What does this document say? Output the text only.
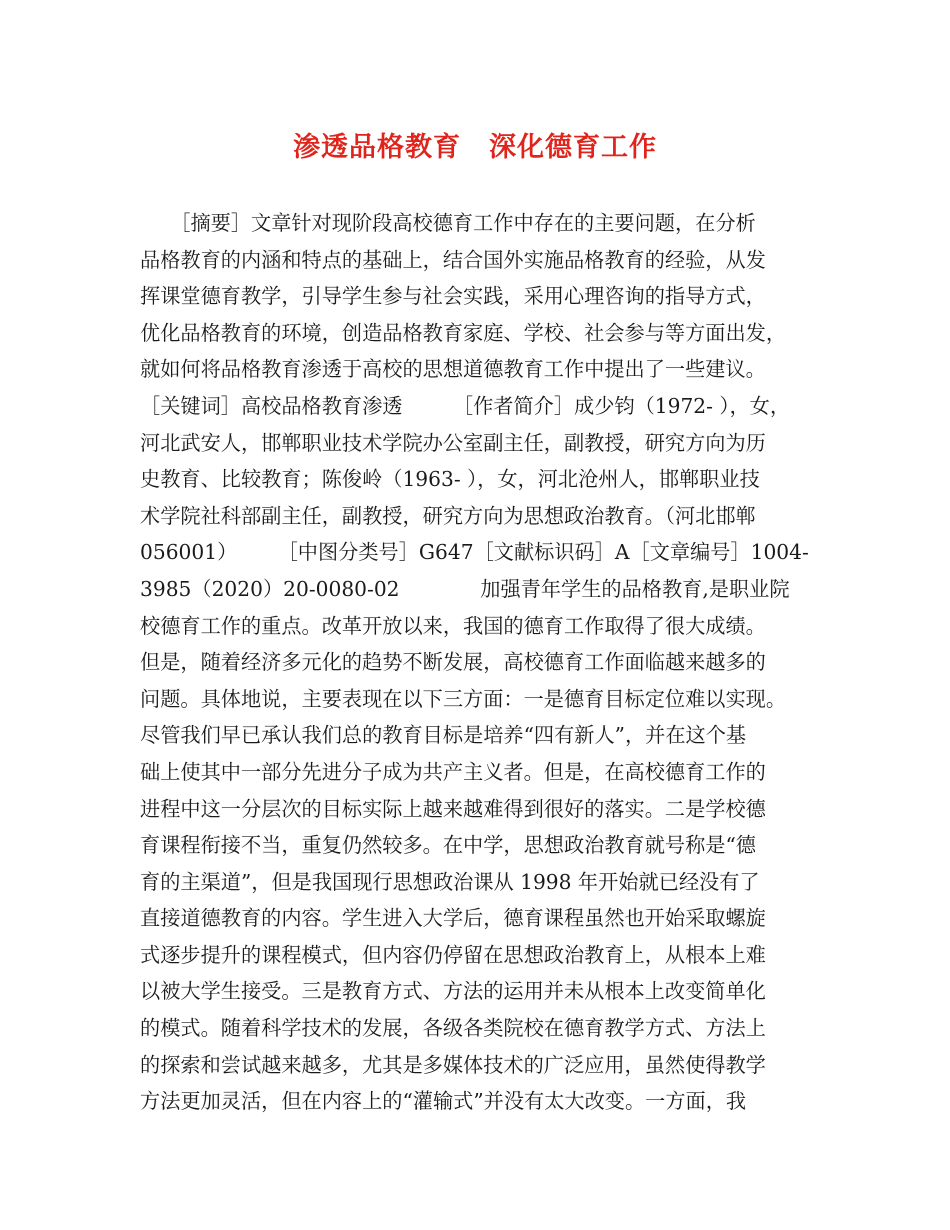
渗透品格教育　深化德育工作
　　［摘要］文章针对现阶段高校德育工作中存在的主要问题，在分析
品格教育的内涵和特点的基础上，结合国外实施品格教育的经验，从发
挥课堂德育教学，引导学生参与社会实践，采用心理咨询的指导方式，
优化品格教育的环境，创造品格教育家庭、学校、社会参与等方面出发，
就如何将品格教育渗透于高校的思想道德教育工作中提出了一些建议。
［关键词］高校品格教育渗透　　　［作者简介］成少钧（1972- ），女，
河北武安人，邯郸职业技术学院办公室副主任，副教授，研究方向为历
史教育、比较教育；陈俊岭（1963- ），女，河北沧州人，邯郸职业技
术学院社科部副主任，副教授，研究方向为思想政治教育。（河北邯郸
056001）　　　［中图分类号］G647［文献标识码］A［文章编号］1004-
3985（2020）20-0080-02　　　　加强青年学生的品格教育,是职业院
校德育工作的重点。改革开放以来，我国的德育工作取得了很大成绩。
但是，随着经济多元化的趋势不断发展，高校德育工作面临越来越多的
问题。具体地说，主要表现在以下三方面：一是德育目标定位难以实现。
尽管我们早已承认我们总的教育目标是培养“四有新人”，并在这个基
础上使其中一部分先进分子成为共产主义者。但是，在高校德育工作的
进程中这一分层次的目标实际上越来越难得到很好的落实。二是学校德
育课程衔接不当，重复仍然较多。在中学，思想政治教育就号称是“德
育的主渠道”，但是我国现行思想政治课从 1998 年开始就已经没有了
直接道德教育的内容。学生进入大学后，德育课程虽然也开始采取螺旋
式逐步提升的课程模式，但内容仍停留在思想政治教育上，从根本上难
以被大学生接受。三是教育方式、方法的运用并未从根本上改变简单化
的模式。随着科学技术的发展，各级各类院校在德育教学方式、方法上
的探索和尝试越来越多，尤其是多媒体技术的广泛应用，虽然使得教学
方法更加灵活，但在内容上的“灌输式”并没有太大改变。一方面，我
